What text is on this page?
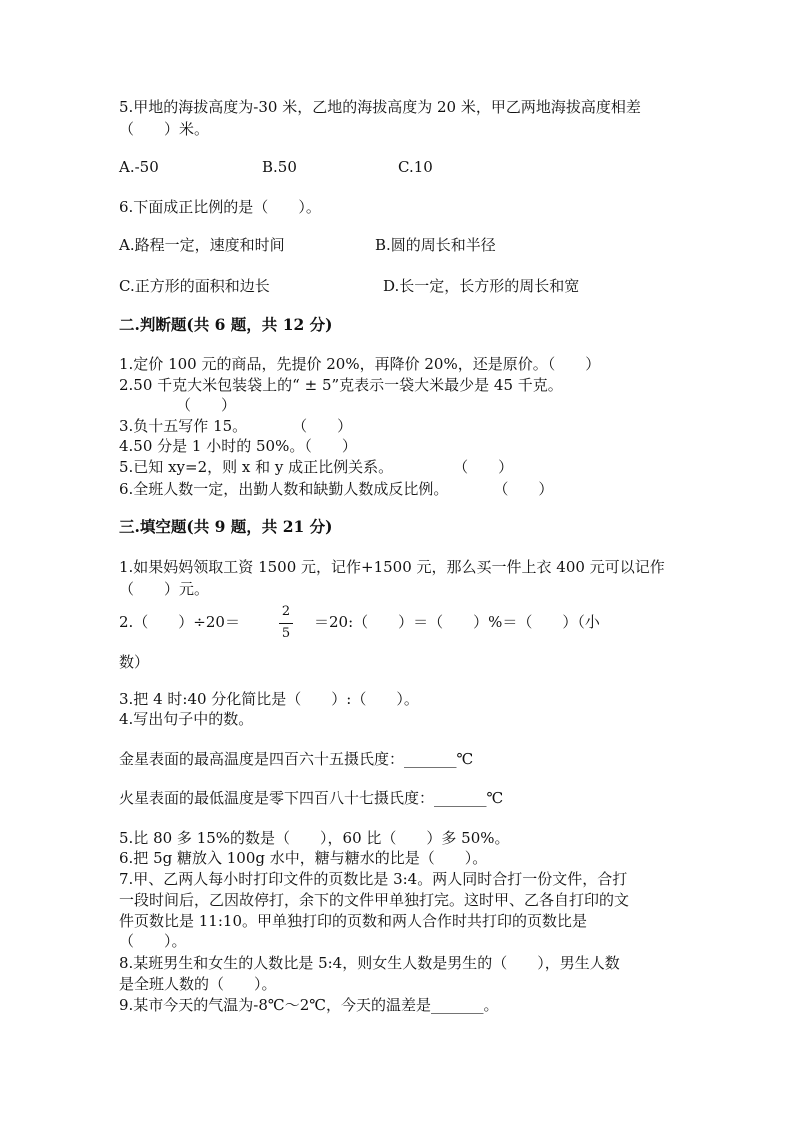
5.甲地的海拔高度为-30 米，乙地的海拔高度为 20 米，甲乙两地海拔高度相差
（　　）米。
A.-50	B.50	C.10
6.下面成正比例的是（　　）。
A.路程一定，速度和时间	B.圆的周长和半径
C.正方形的面积和边长	D.长一定，长方形的周长和宽
二.判断题(共 6 题，共 12 分)
1.定价 100 元的商品，先提价 20%，再降价 20%，还是原价。（　　）
2.50 千克大米包装袋上的“ ± 5”克表示一袋大米最少是 45 千克。
（　　）
3.负十五写作 15。　　　　（　　）
4.50 分是 1 小时的 50%。（　　）
5.已知 xy=2，则 x 和 y 成正比例关系。　　　　　（　　）
6.全班人数一定，出勤人数和缺勤人数成反比例。　　　　（　　）
三.填空题(共 9 题，共 21 分)
1.如果妈妈领取工资 1500 元，记作+1500 元，那么买一件上衣 400 元可以记作
（　　）元。
2.（　　）÷20＝
2
5
＝20:（　　）＝（　　）%＝（　　）（小
数）
3.把 4 时:40 分化简比是（　　）:（　　）。
4.写出句子中的数。
金星表面的最高温度是四百六十五摄氏度：_______℃
火星表面的最低温度是零下四百八十七摄氏度：_______℃
5.比 80 多 15%的数是（　　），60 比（　　）多 50%。
6.把 5g 糖放入 100g 水中，糖与糖水的比是（　　）。
7.甲、乙两人每小时打印文件的页数比是 3:4。两人同时合打一份文件，合打
一段时间后，乙因故停打，余下的文件甲单独打完。这时甲、乙各自打印的文
件页数比是 11:10。甲单独打印的页数和两人合作时共打印的页数比是
（　　）。
8.某班男生和女生的人数比是 5:4，则女生人数是男生的（　　），男生人数
是全班人数的（　　）。
9.某市今天的气温为-8℃～2℃，今天的温差是_______。
